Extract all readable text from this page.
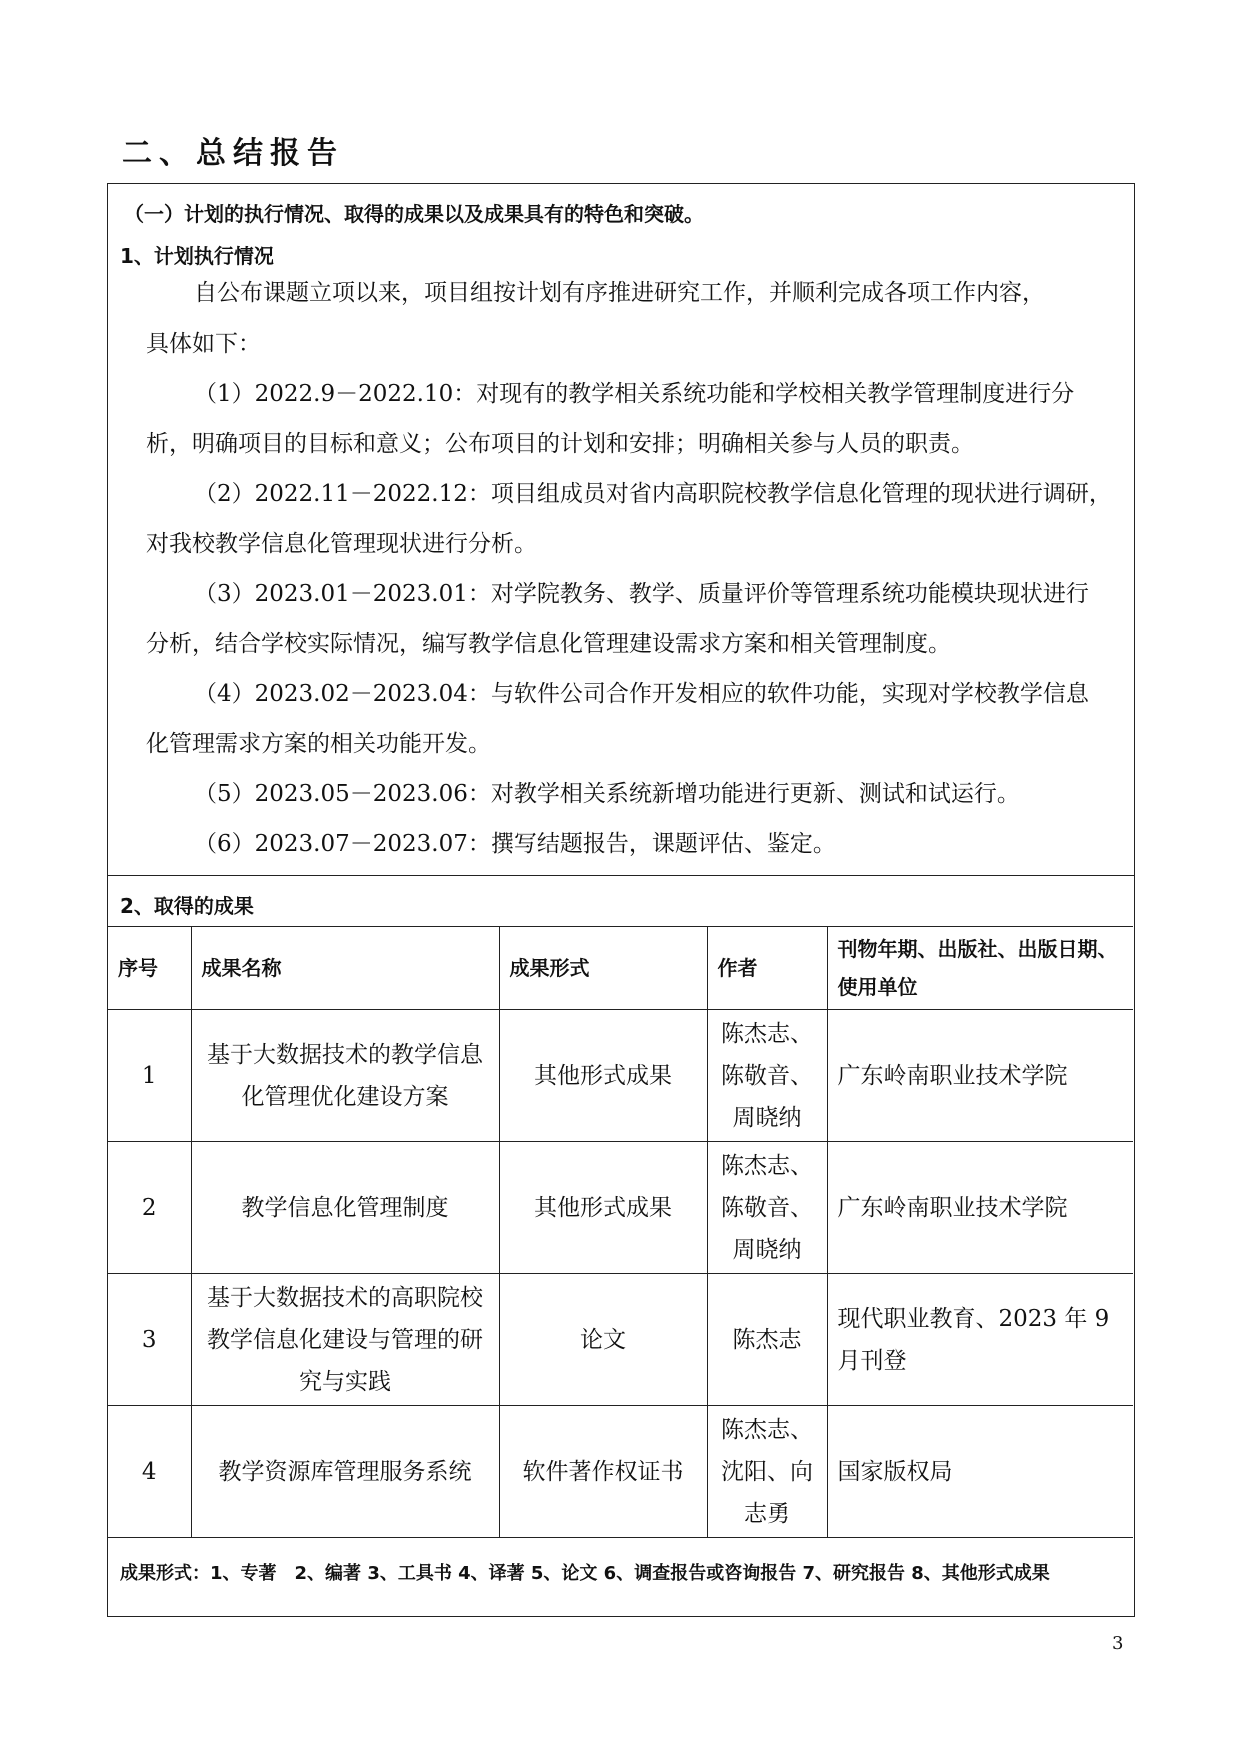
二、总结报告
（一）计划的执行情况、取得的成果以及成果具有的特色和突破。
1、计划执行情况
自公布课题立项以来，项目组按计划有序推进研究工作，并顺利完成各项工作内容，
具体如下：
（1）2022.9－2022.10：对现有的教学相关系统功能和学校相关教学管理制度进行分
析，明确项目的目标和意义；公布项目的计划和安排；明确相关参与人员的职责。
（2）2022.11－2022.12：项目组成员对省内高职院校教学信息化管理的现状进行调研，
对我校教学信息化管理现状进行分析。
（3）2023.01－2023.01：对学院教务、教学、质量评价等管理系统功能模块现状进行
分析，结合学校实际情况，编写教学信息化管理建设需求方案和相关管理制度。
（4）2023.02－2023.04：与软件公司合作开发相应的软件功能，实现对学校教学信息
化管理需求方案的相关功能开发。
（5）2023.05－2023.06：对教学相关系统新增功能进行更新、测试和试运行。
（6）2023.07－2023.07：撰写结题报告，课题评估、鉴定。
2、取得的成果
序号	成果名称	成果形式	作者	刊物年期、出版社、出版日期、使用单位
1	基于大数据技术的教学信息化管理优化建设方案	其他形式成果	陈杰志、陈敬音、周晓纳	广东岭南职业技术学院
2	教学信息化管理制度	其他形式成果	陈杰志、陈敬音、周晓纳	广东岭南职业技术学院
3	基于大数据技术的高职院校教学信息化建设与管理的研究与实践	论文	陈杰志	现代职业教育、2023 年 9 月刊登
4	教学资源库管理服务系统	软件著作权证书	陈杰志、沈阳、向志勇	国家版权局
成果形式：1、专著　2、编著 3、工具书 4、译著 5、论文 6、调查报告或咨询报告 7、研究报告 8、其他形式成果
3
